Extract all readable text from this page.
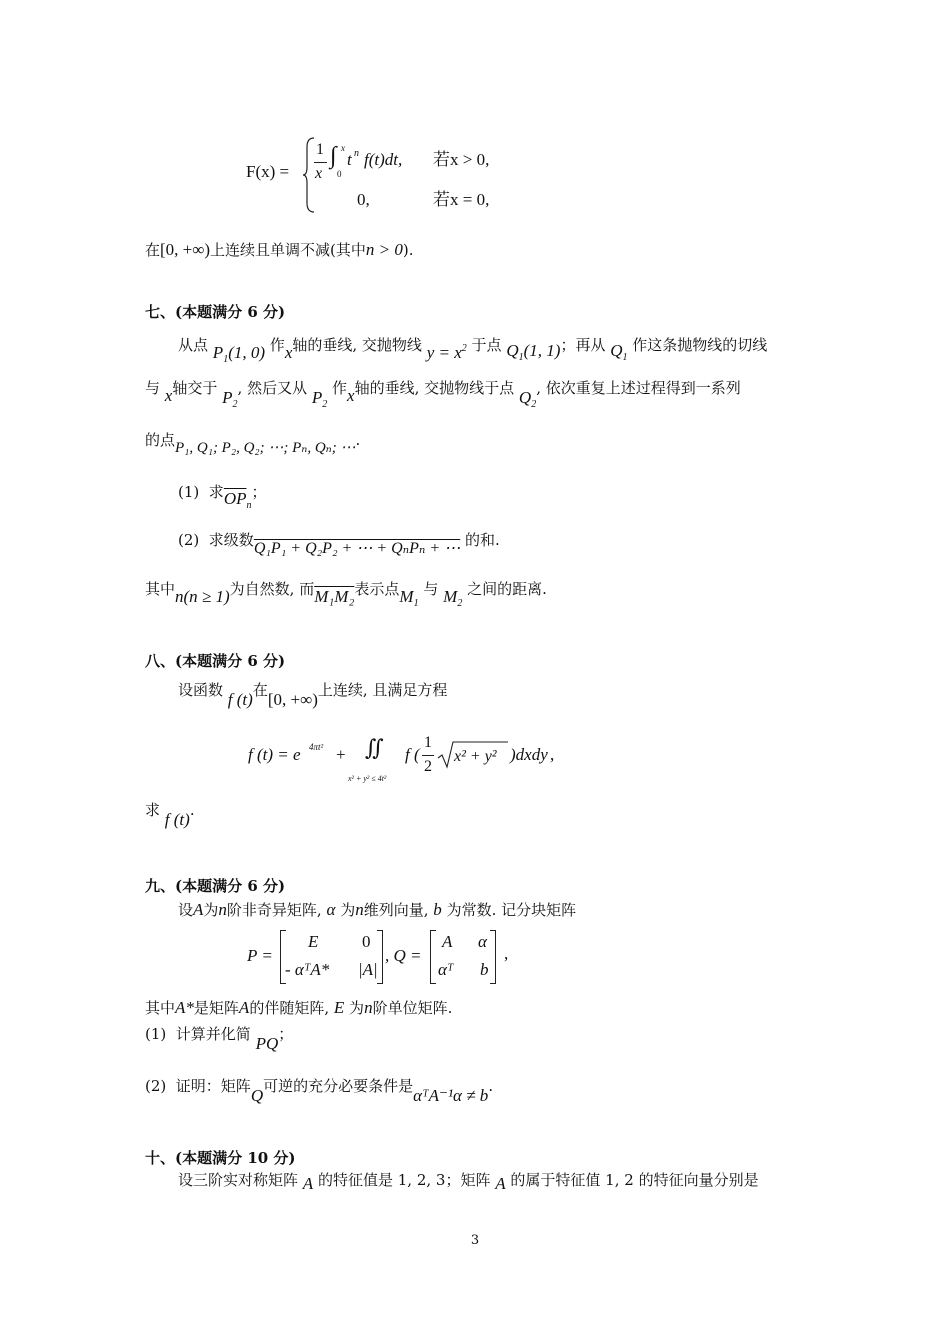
F(x) =
1
x
∫ x
0
t n f(t)dt, 若x > 0,
0,	若x = 0,
在[0, +∞)上连续且单调不减(其中n > 0).
七、(本题满分 6 分)
从点 $P_1(1$, 0) 作x轴的垂线, 交抛物线 $y = x^2$ 于点 $Q_1(1$, 1)；再从 $Q_1$ 作这条抛物线的切线
与 x轴交于 $P_2$, 然后又从 $P_2$ 作x轴的垂线, 交抛物线于点 $Q_2$, 依次重复上述过程得到一系列
的点P₁, Q₁; P₂, Q₂; ⋯; Pₙ, Qₙ; ⋯.
(1) 求$\overline{OP}_n$；
(2) 求级数Q₁P₁ + Q₂P₂ + ⋯ + QₙPₙ + ⋯ 的和.
其中n(n ≥ 1)为自然数, 而M₁M₂表示点$M_1$ 与 $M_2$ 之间的距离.
八、(本题满分 6 分)
设函数 f (t)在[0, +∞)上连续, 且满足方程
f (t) = e 4πt² + ∬
x² + y² ≤ 4t²
f (
1
2
x² + y² )dxdy ,
求 f (t).
九、(本题满分 6 分)
设A为n阶非奇异矩阵, α 为n维列向量, b 为常数. 记分块矩阵
P =
E	0
- αᵀA* |A|
, Q =
A α
αᵀ b
,
其中A*是矩阵A的伴随矩阵, E 为n阶单位矩阵.
(1) 计算并化简 PQ；
(2) 证明：矩阵Q可逆的充分必要条件是αᵀA⁻¹α ≠ b.
十、(本题满分 10 分)
设三阶实对称矩阵 A 的特征值是 1, 2, 3；矩阵 A 的属于特征值 1, 2 的特征向量分别是
3
